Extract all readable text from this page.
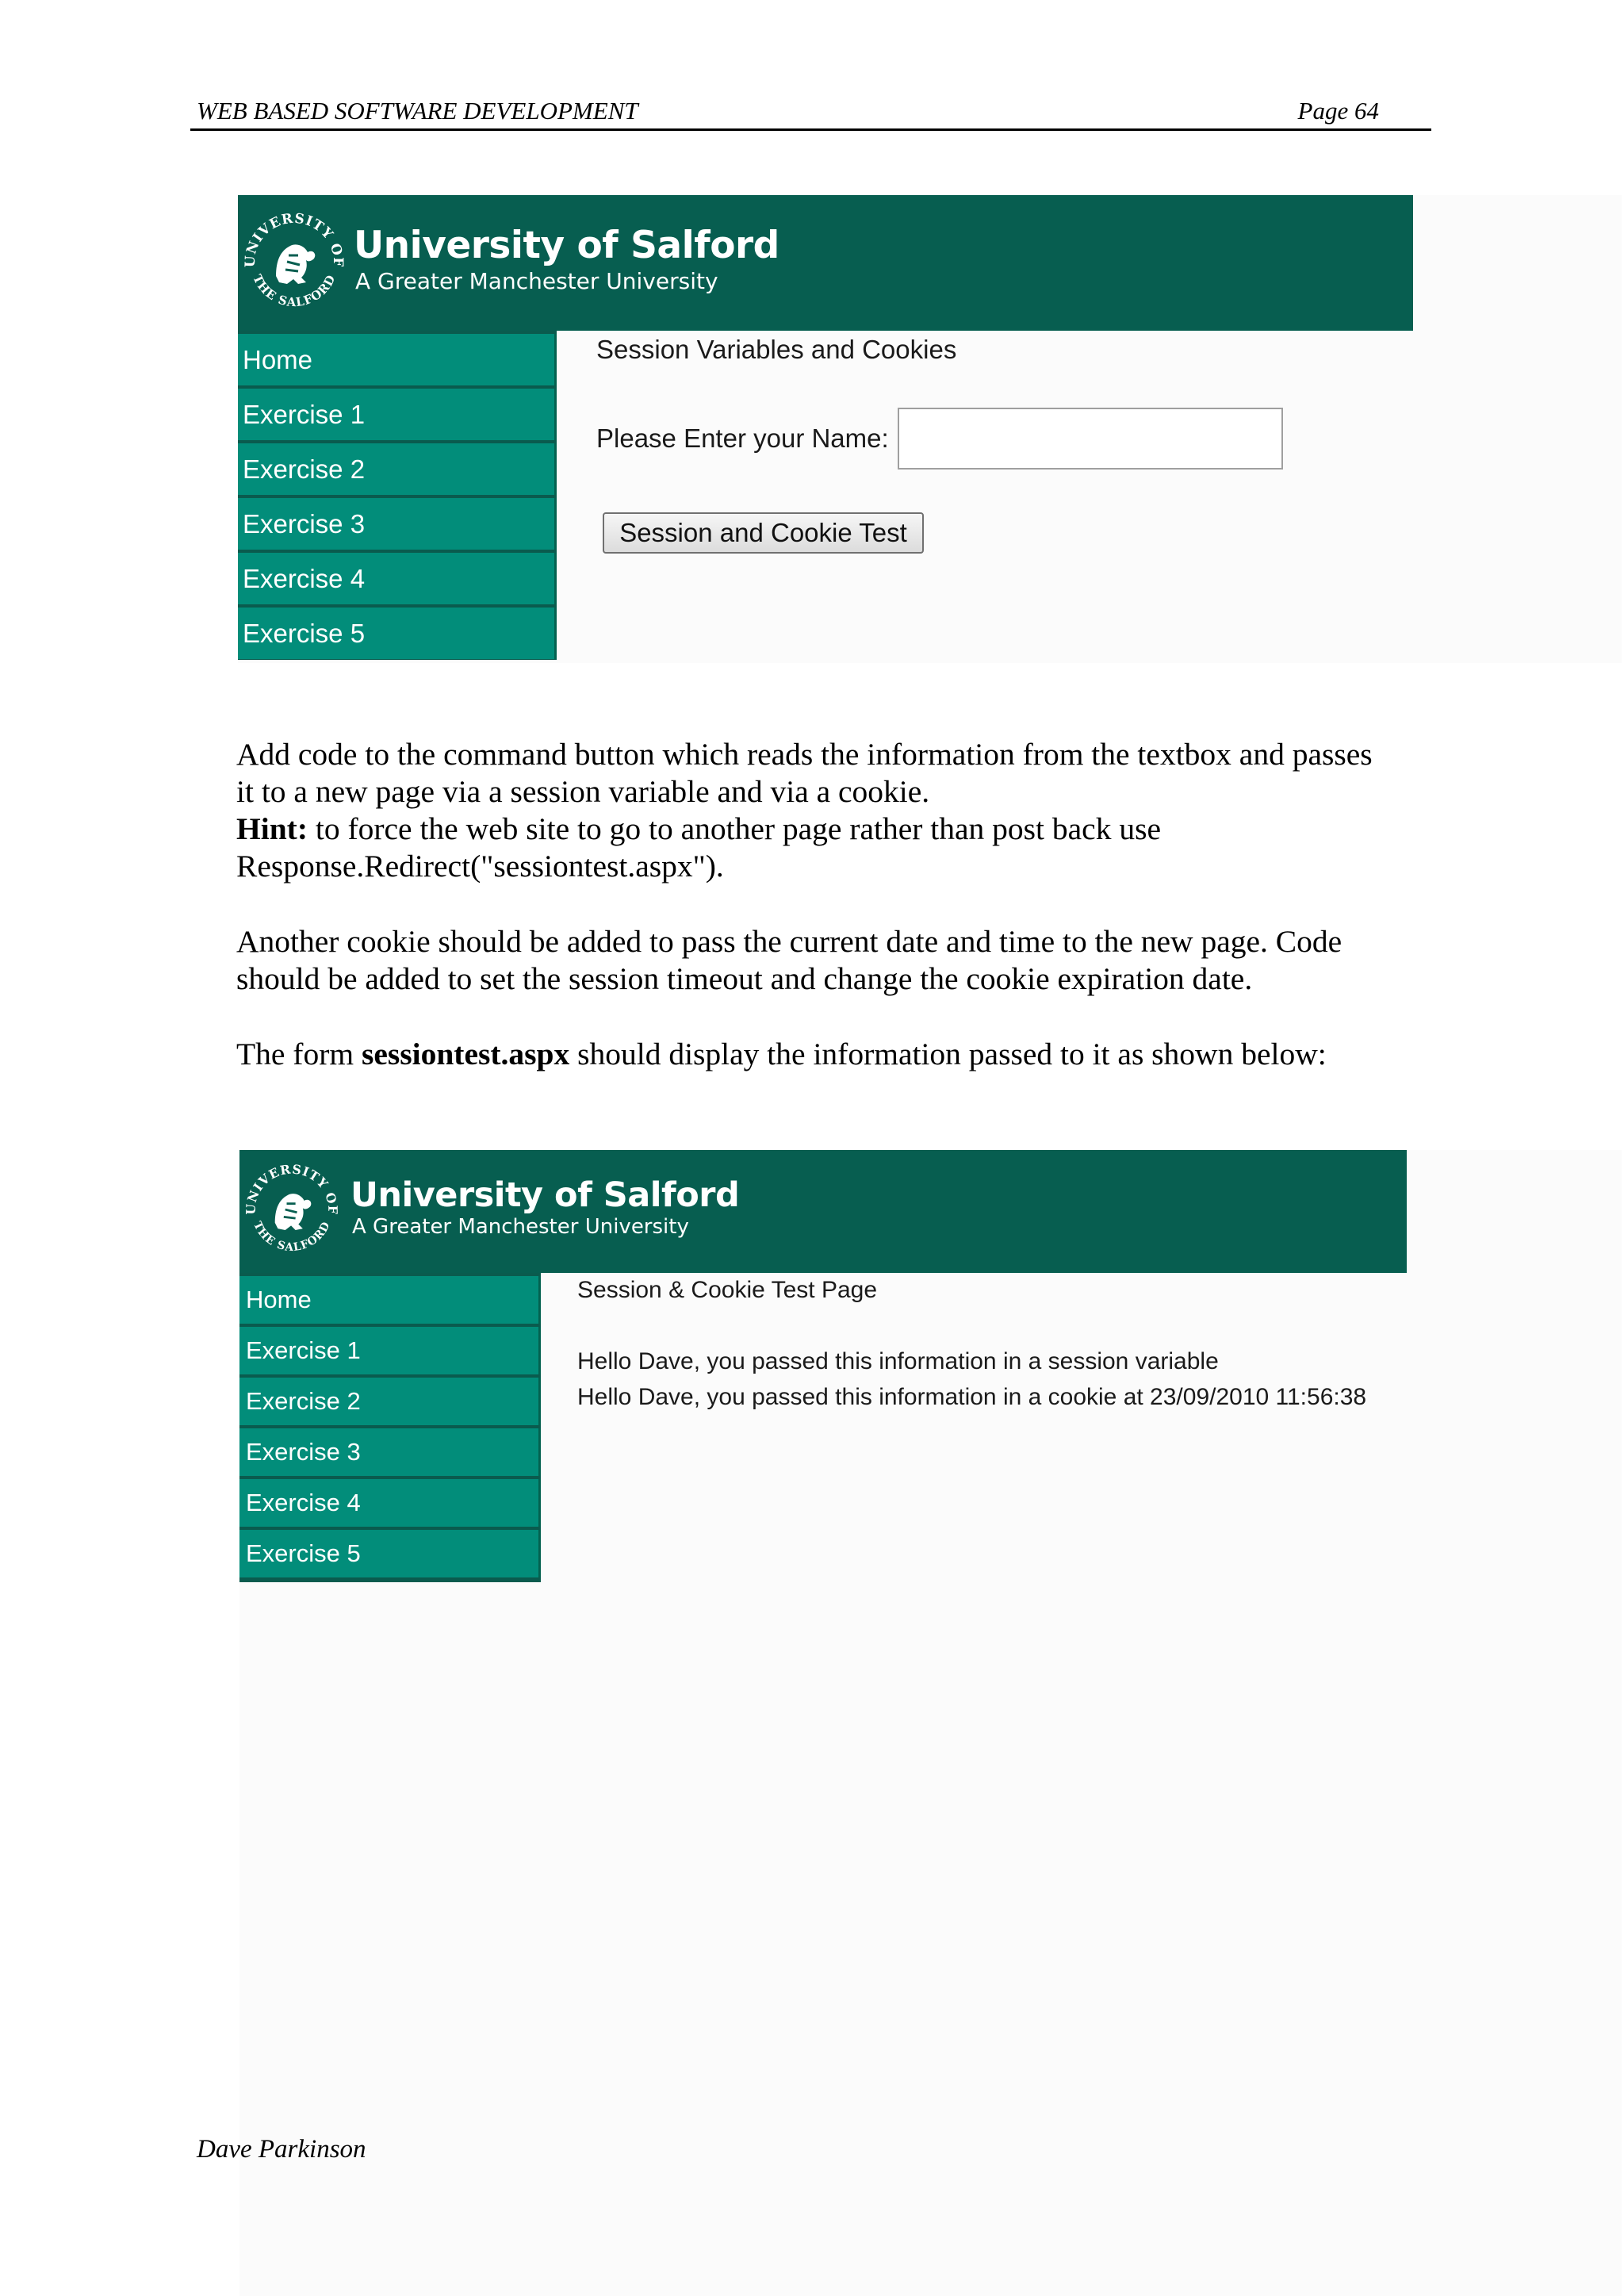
WEB BASED SOFTWARE DEVELOPMENT	Page 64
UNIVERSITY OF
THE SALFORD
University of Salford
A Greater Manchester University
Home
Exercise 1
Exercise 2
Exercise 3
Exercise 4
Exercise 5
Session Variables and Cookies
Please Enter your Name:
Session and Cookie Test

Add code to the command button which reads the information from the textbox and passes

it to a new page via a session variable and via a cookie.

Hint: to force the web site to go to another page rather than post back use

Response.Redirect("sessiontest.aspx").

Another cookie should be added to pass the current date and time to the new page. Code

should be added to set the session timeout and change the cookie expiration date.

The form sessiontest.aspx should display the information passed to it as shown below:

UNIVERSITY OF
THE SALFORD
University of Salford
A Greater Manchester University
Home
Exercise 1
Exercise 2
Exercise 3
Exercise 4
Exercise 5
Session & Cookie Test Page
Hello Dave, you passed this information in a session variable
Hello Dave, you passed this information in a cookie at 23/09/2010 11:56:38
Dave Parkinson
